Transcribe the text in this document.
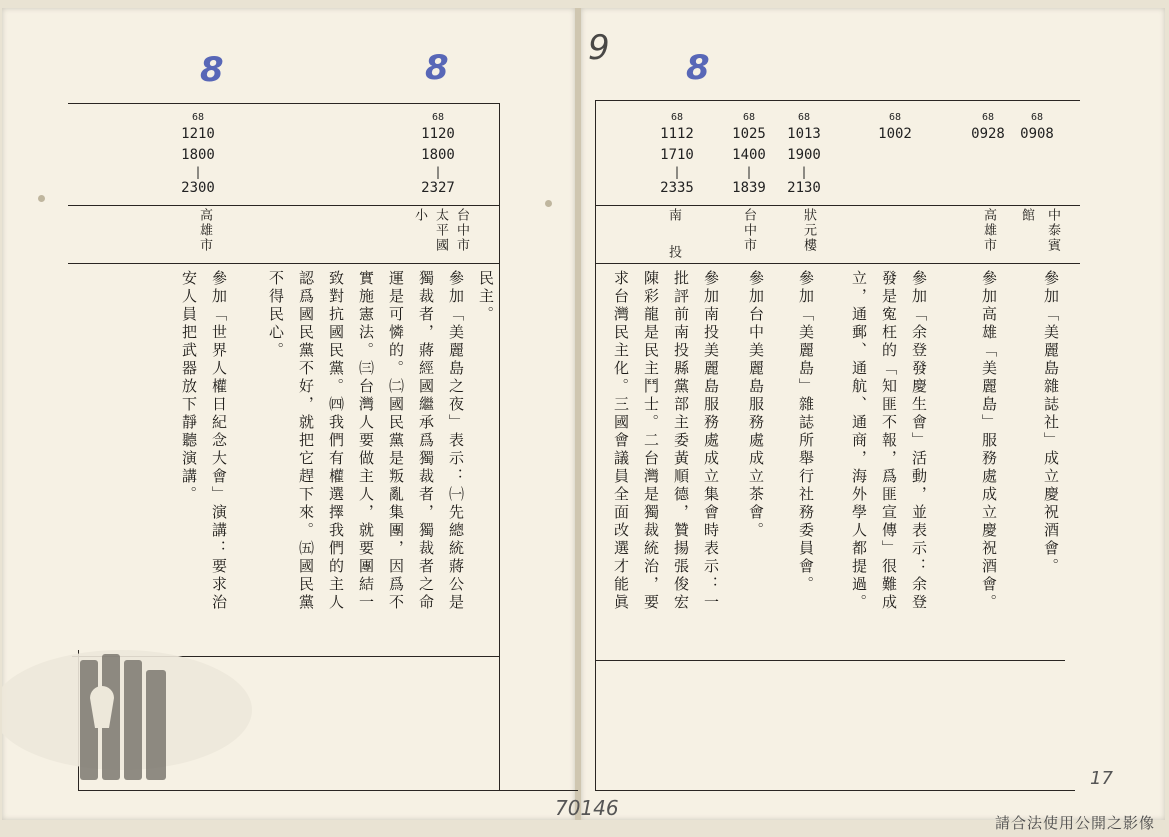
8	8
68
1120
1800
|
2327
台中市
太平國
小
民主。
參加「美麗島之夜」表示：㈠先總統蔣公是
獨裁者，蔣經國繼承爲獨裁者，獨裁者之命
運是可憐的。㈡國民黨是叛亂集團，因爲不
實施憲法。㈢台灣人要做主人，就要團結一
致對抗國民黨。㈣我們有權選擇我們的主人
認爲國民黨不好，就把它趕下來。㈤國民黨
不得民心。
68
1210
1800
|
2300
高雄市
參加「世界人權日紀念大會」演講：要求治
安人員把武器放下靜聽演講。
70146
9 8
68
0908
中泰賓
館
參加「美麗島雜誌社」成立慶祝酒會。
68
0928
高雄市
參加高雄「美麗島」服務處成立慶祝酒會。
68
1002
參加「余登發慶生會」活動，並表示：余登
發是寃枉的「知匪不報，爲匪宣傳」很難成
立，通郵、通航、通商，海外學人都提過。
68
1013
1900
|
2130
狀元樓
參加「美麗島」雜誌所舉行社務委員會。
68
1025
1400
|
1839
台中市
參加台中美麗島服務處成立茶會。
68
1112
1710
|
2335
南
投
參加南投美麗島服務處成立集會時表示：一
批評前南投縣黨部主委黃順德，贊揚張俊宏
陳彩龍是民主鬥士。二台灣是獨裁統治，要
求台灣民主化。三國會議員全面改選才能眞
17
請合法使用公開之影像
